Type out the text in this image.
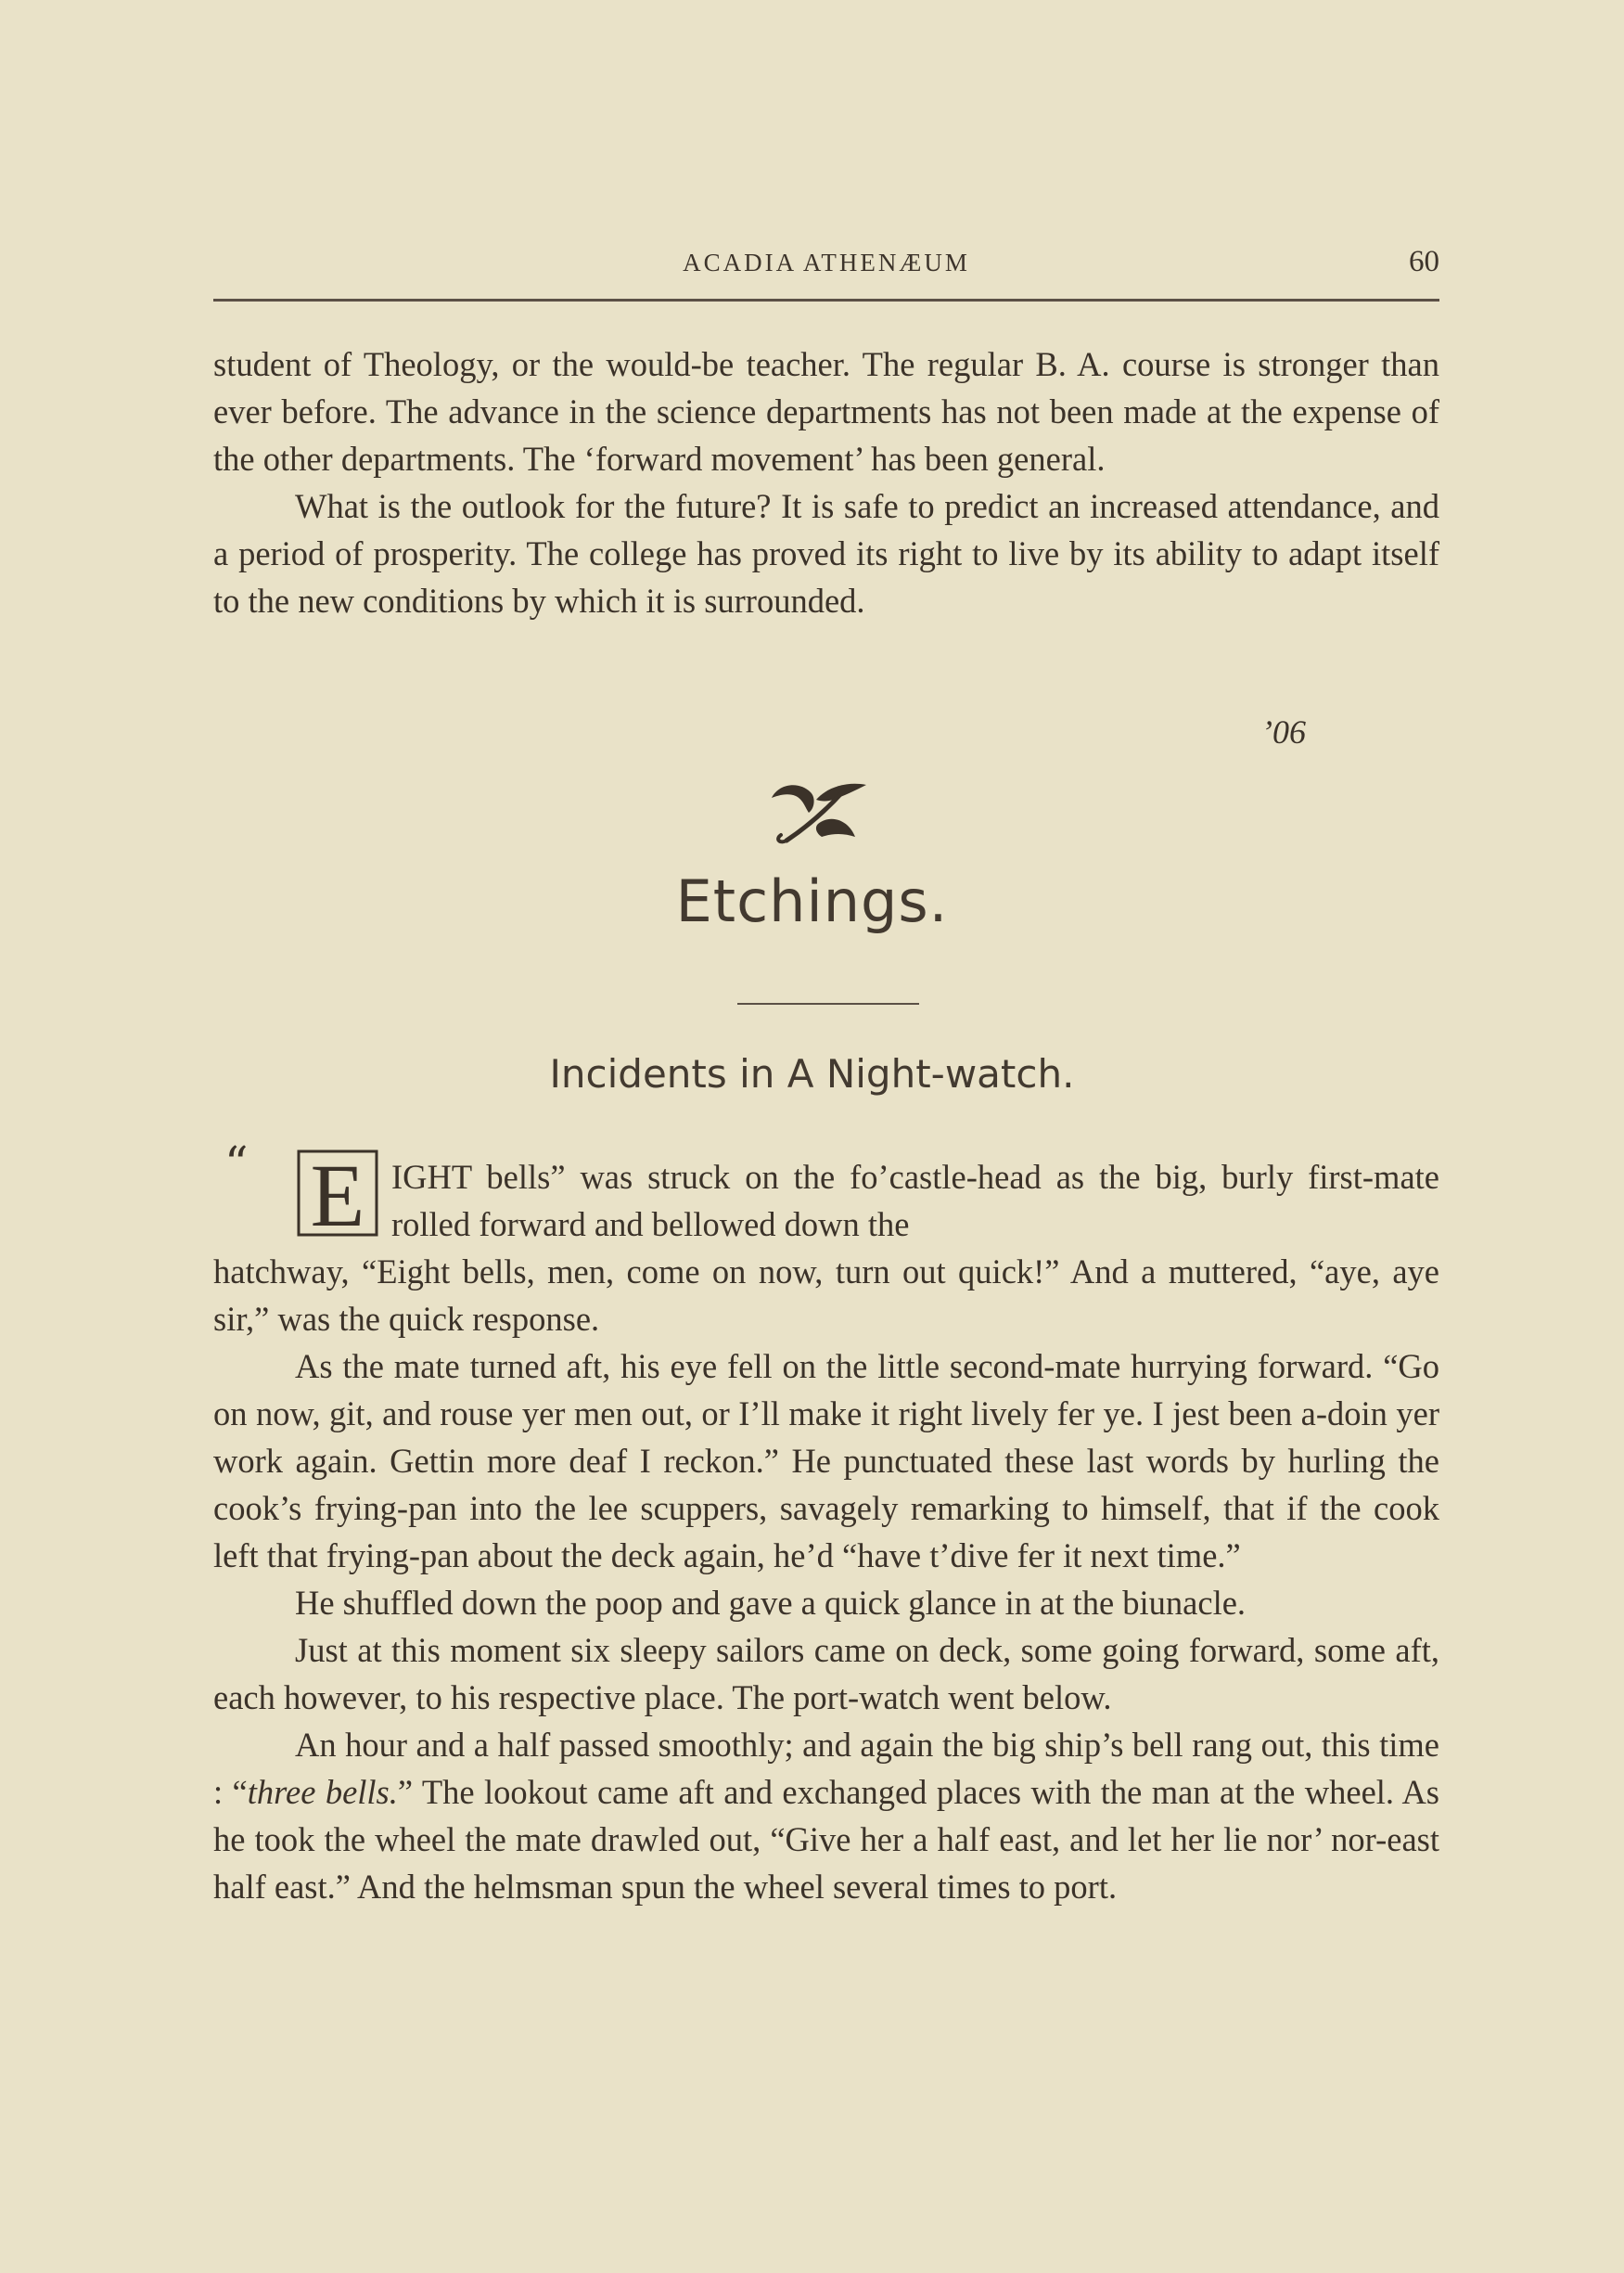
ACADIA ATHENÆUM	60

student of Theology, or the would-be teacher. The regular B. A. course is stronger than ever before. The advance in the science departments has not been made at the expense of the other departments. The ‘forward movement’ has been general.

What is the outlook for the future? It is safe to predict an increased attendance, and a period of prosperity. The college has proved its right to live by its ability to adapt itself to the new conditions by which it is surrounded.

’06
Etchings.
Incidents in A Night-watch.
“ E IGHT bells” was struck on the fo’castle-head as the big, burly first-mate rolled forward and bellowed down the

hatchway, “Eight bells, men, come on now, turn out quick!” And a muttered, “aye, aye sir,” was the quick response.

As the mate turned aft, his eye fell on the little second-mate hurrying forward. “Go on now, git, and rouse yer men out, or I’ll make it right lively fer ye. I jest been a-doin yer work again. Gettin more deaf I reckon.” He punctuated these last words by hurling the cook’s frying-pan into the lee scuppers, savagely remarking to himself, that if the cook left that frying-pan about the deck again, he’d “have t’dive fer it next time.”

He shuffled down the poop and gave a quick glance in at the biunacle.

Just at this moment six sleepy sailors came on deck, some going forward, some aft, each however, to his respective place. The port-watch went below.

An hour and a half passed smoothly; and again the big ship’s bell rang out, this time : “three bells.” The lookout came aft and exchanged places with the man at the wheel. As he took the wheel the mate drawled out, “Give her a half east, and let her lie nor’ nor-east half east.” And the helmsman spun the wheel several times to port.
